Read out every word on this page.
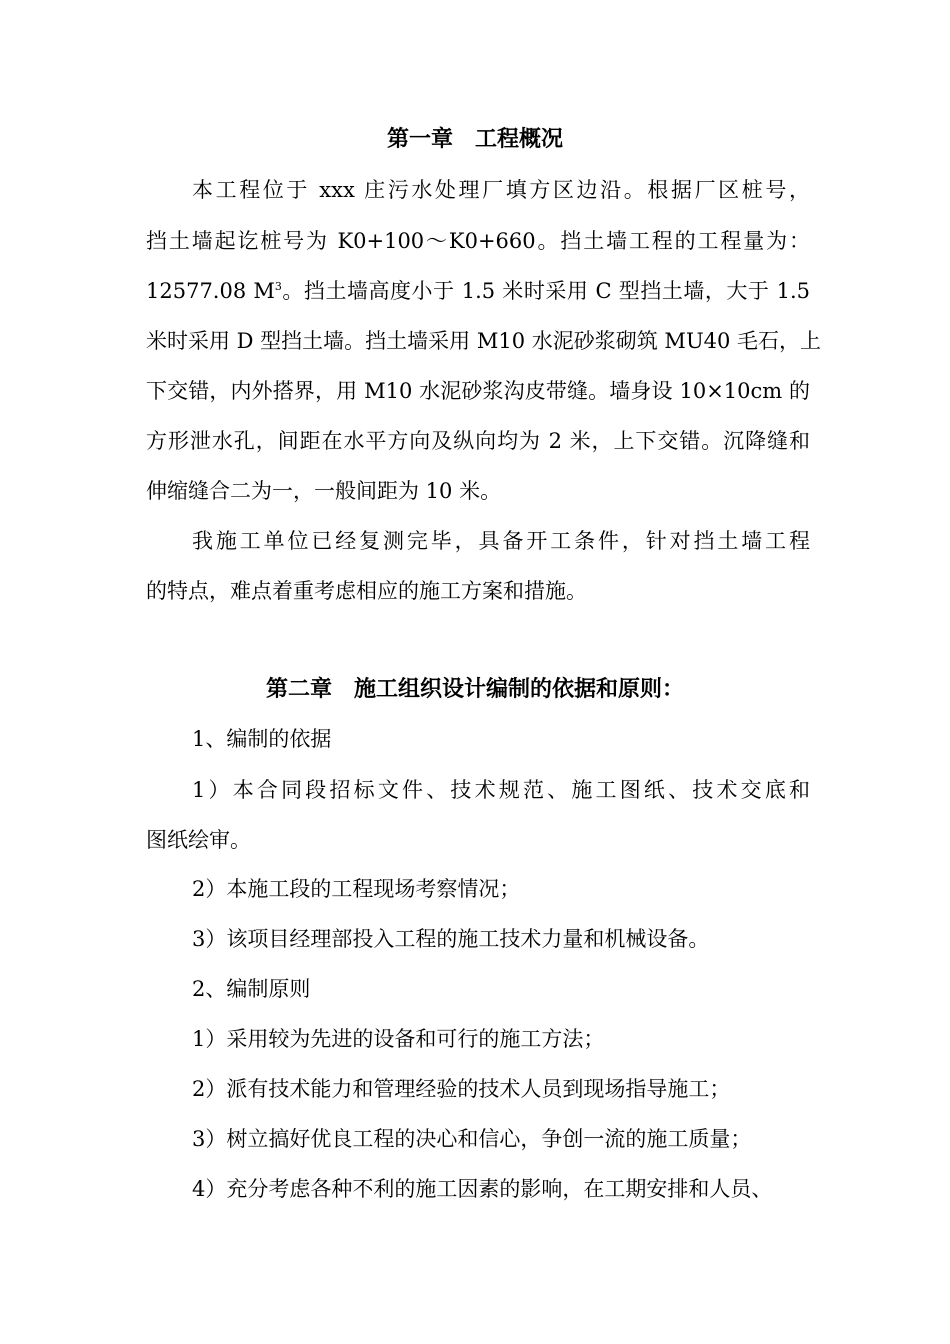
第一章　工程概况
本工程位于 xxx 庄污水处理厂填方区边沿。根据厂区桩号，
挡土墙起讫桩号为 K0+100～K0+660。挡土墙工程的工程量为：
12577.08 $M^3$。挡土墙高度小于 1.5 米时采用 C 型挡土墙，大于 1.5
米时采用 D 型挡土墙。挡土墙采用 M10 水泥砂浆砌筑 MU40 毛石，上
下交错，内外搭界，用 M10 水泥砂浆沟皮带缝。墙身设 10×10cm 的
方形泄水孔，间距在水平方向及纵向均为 2 米，上下交错。沉降缝和
伸缩缝合二为一，一般间距为 10 米。
我施工单位已经复测完毕，具备开工条件，针对挡土墙工程
的特点，难点着重考虑相应的施工方案和措施。
第二章　施工组织设计编制的依据和原则：
1、编制的依据
1）本合同段招标文件、技术规范、施工图纸、技术交底和
图纸绘审。
2）本施工段的工程现场考察情况；
3）该项目经理部投入工程的施工技术力量和机械设备。
2、编制原则
1）采用较为先进的设备和可行的施工方法；
2）派有技术能力和管理经验的技术人员到现场指导施工；
3）树立搞好优良工程的决心和信心，争创一流的施工质量；
4）充分考虑各种不利的施工因素的影响，在工期安排和人员、
